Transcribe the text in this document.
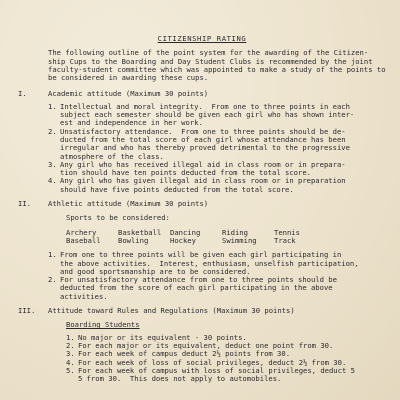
CITIZENSHIP RATING
The following outline of the point system for the awarding of the Citizen-
ship Cups to the Boarding and Day Student Clubs is recommended by the joint
faculty-student committee which was appointed to make a study of the points to
be considered in awarding these cups.
I.	Academic attitude (Maximum 30 points)
1. Intellectual and moral integrity.  From one to three points in each
subject each semester should be given each girl who has shown inter-
est and independence in her work.
2. Unsatisfactory attendance.  From one to three points should be de-
ducted from the total score of each girl whose attendance has been
irregular and who has thereby proved detrimental to the progressive
atmosphere of the class.
3. Any girl who has received illegal aid in class room or in prepara-
tion should have ten points deducted from the total score.
4. Any girl who has given illegal aid in class room or in preparation
should have five points deducted from the total score.
II.	Athletic attitude (Maximum 30 points)
Sports to be considered:
Archery	Basketball	Dancing	Riding	Tennis
Baseball	Bowling	Hockey	Swimming	Track
1. From one to three points will be given each girl participating in
the above activities.  Interest, enthusiasm, unselfish participation,
and good sportsmanship are to be considered.
2. For unsatisfactory attendance from one to three points should be
deducted from the score of each girl participating in the above
activities.
III.	Attitude toward Rules and Regulations (Maximum 30 points)
Boarding Students
1. No major or its equivalent - 30 points.
2. For each major or its equivalent, deduct one point from 30.
3. For each week of campus deduct 2½ points from 30.
4. For each week of loss of social privileges, deduct 2½ from 30.
5. For each week of campus with loss of social privileges, deduct 5
5 from 30.  This does not apply to automobiles.
